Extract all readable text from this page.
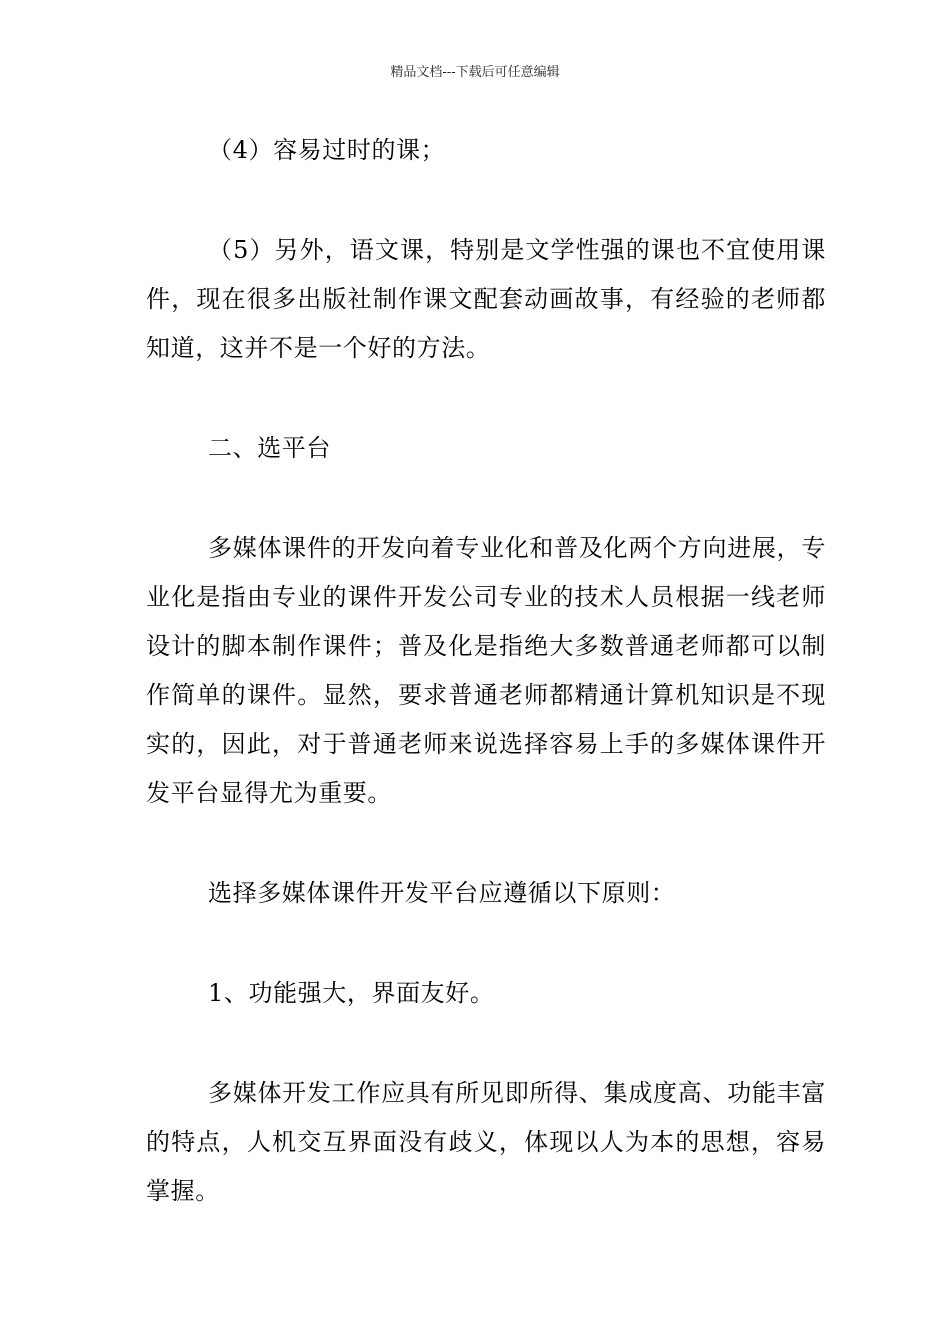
精品文档---下载后可任意编辑

（4）容易过时的课；

（5）另外，语文课，特别是文学性强的课也不宜使用课件，现在很多出版社制作课文配套动画故事，有经验的老师都知道，这并不是一个好的方法。

二、选平台

多媒体课件的开发向着专业化和普及化两个方向进展，专业化是指由专业的课件开发公司专业的技术人员根据一线老师设计的脚本制作课件；普及化是指绝大多数普通老师都可以制作简单的课件。显然，要求普通老师都精通计算机知识是不现实的，因此，对于普通老师来说选择容易上手的多媒体课件开发平台显得尤为重要。

选择多媒体课件开发平台应遵循以下原则：

1、功能强大，界面友好。

多媒体开发工作应具有所见即所得、集成度高、功能丰富的特点，人机交互界面没有歧义，体现以人为本的思想，容易掌握。
